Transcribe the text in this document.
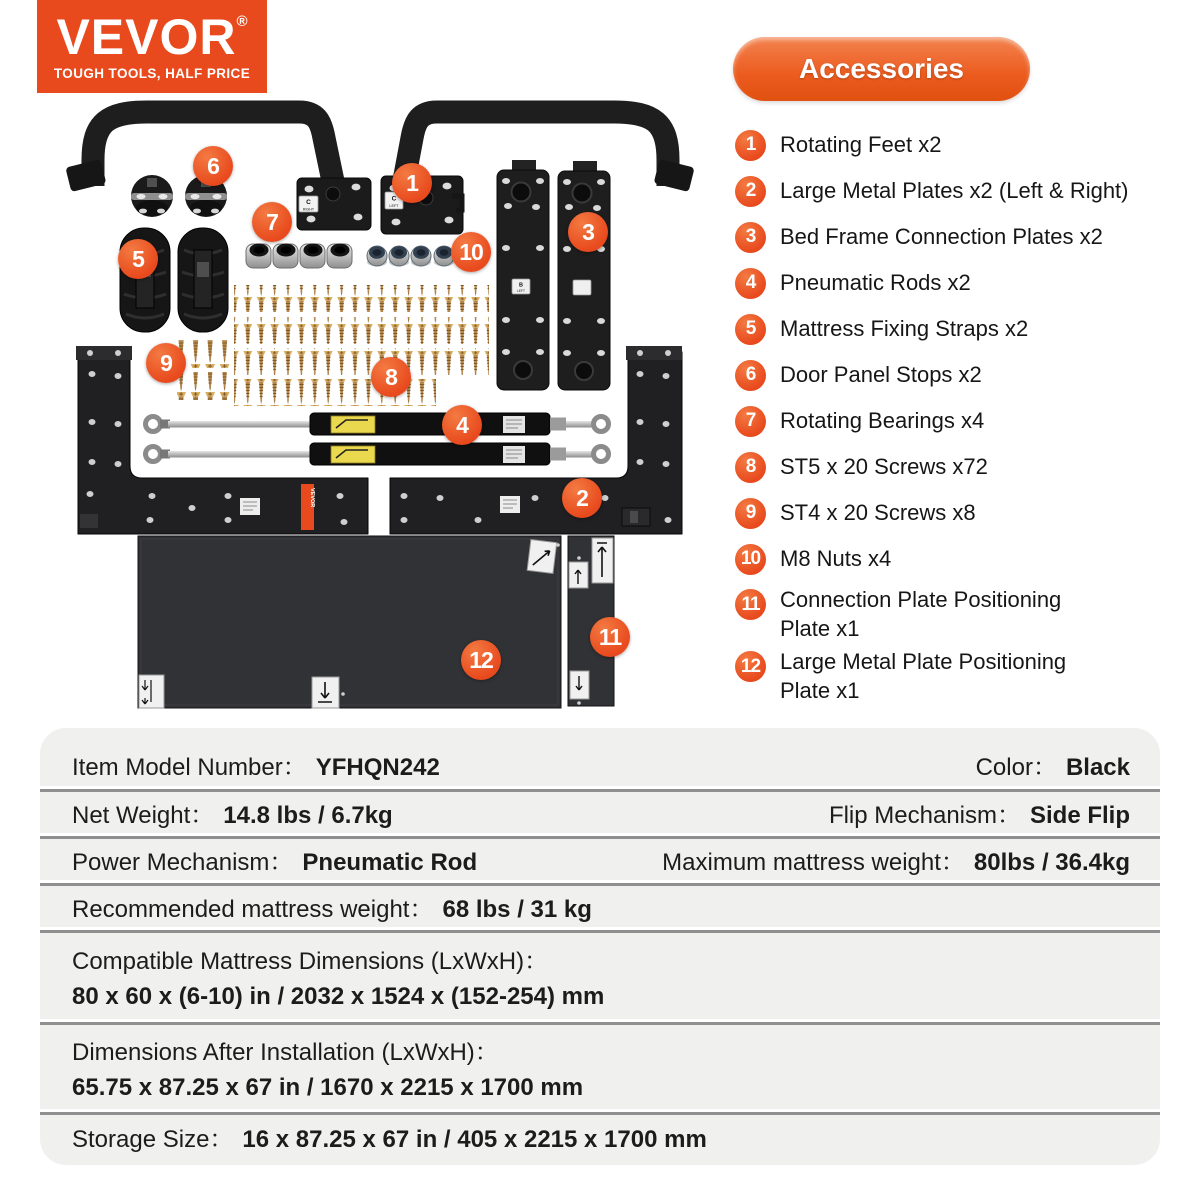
C
RIGHT
C
LEFT
B
LEFT
VEVOR
1
2
3
4
5
6
7
8
9
10
11
12
VEVOR®
TOUGH TOOLS, HALF PRICE	Accessories
1	Rotating Feet x2
2	Large Metal Plates x2 (Left & Right)
3	Bed Frame Connection Plates x2
4	Pneumatic Rods x2
5	Mattress Fixing Straps x2
6	Door Panel Stops x2
7	Rotating Bearings x4
8	ST5 x 20 Screws x72
9	ST4 x 20 Screws x8
10 M8 Nuts x4
11 Connection Plate Positioning Plate x1
12 Large Metal Plate Positioning Plate x1
Item Model Number： YFHQN242	Color： Black
Net Weight： 14.8 lbs / 6.7kg	Flip Mechanism： Side Flip
Power Mechanism： Pneumatic Rod	Maximum mattress weight： 80lbs / 36.4kg
Recommended mattress weight： 68 lbs / 31 kg
Compatible Mattress Dimensions (LxWxH)：
80 x 60 x (6-10) in / 2032 x 1524 x (152-254) mm
Dimensions After Installation (LxWxH)：
65.75 x 87.25 x 67 in / 1670 x 2215 x 1700 mm
Storage Size： 16 x 87.25 x 67 in / 405 x 2215 x 1700 mm
